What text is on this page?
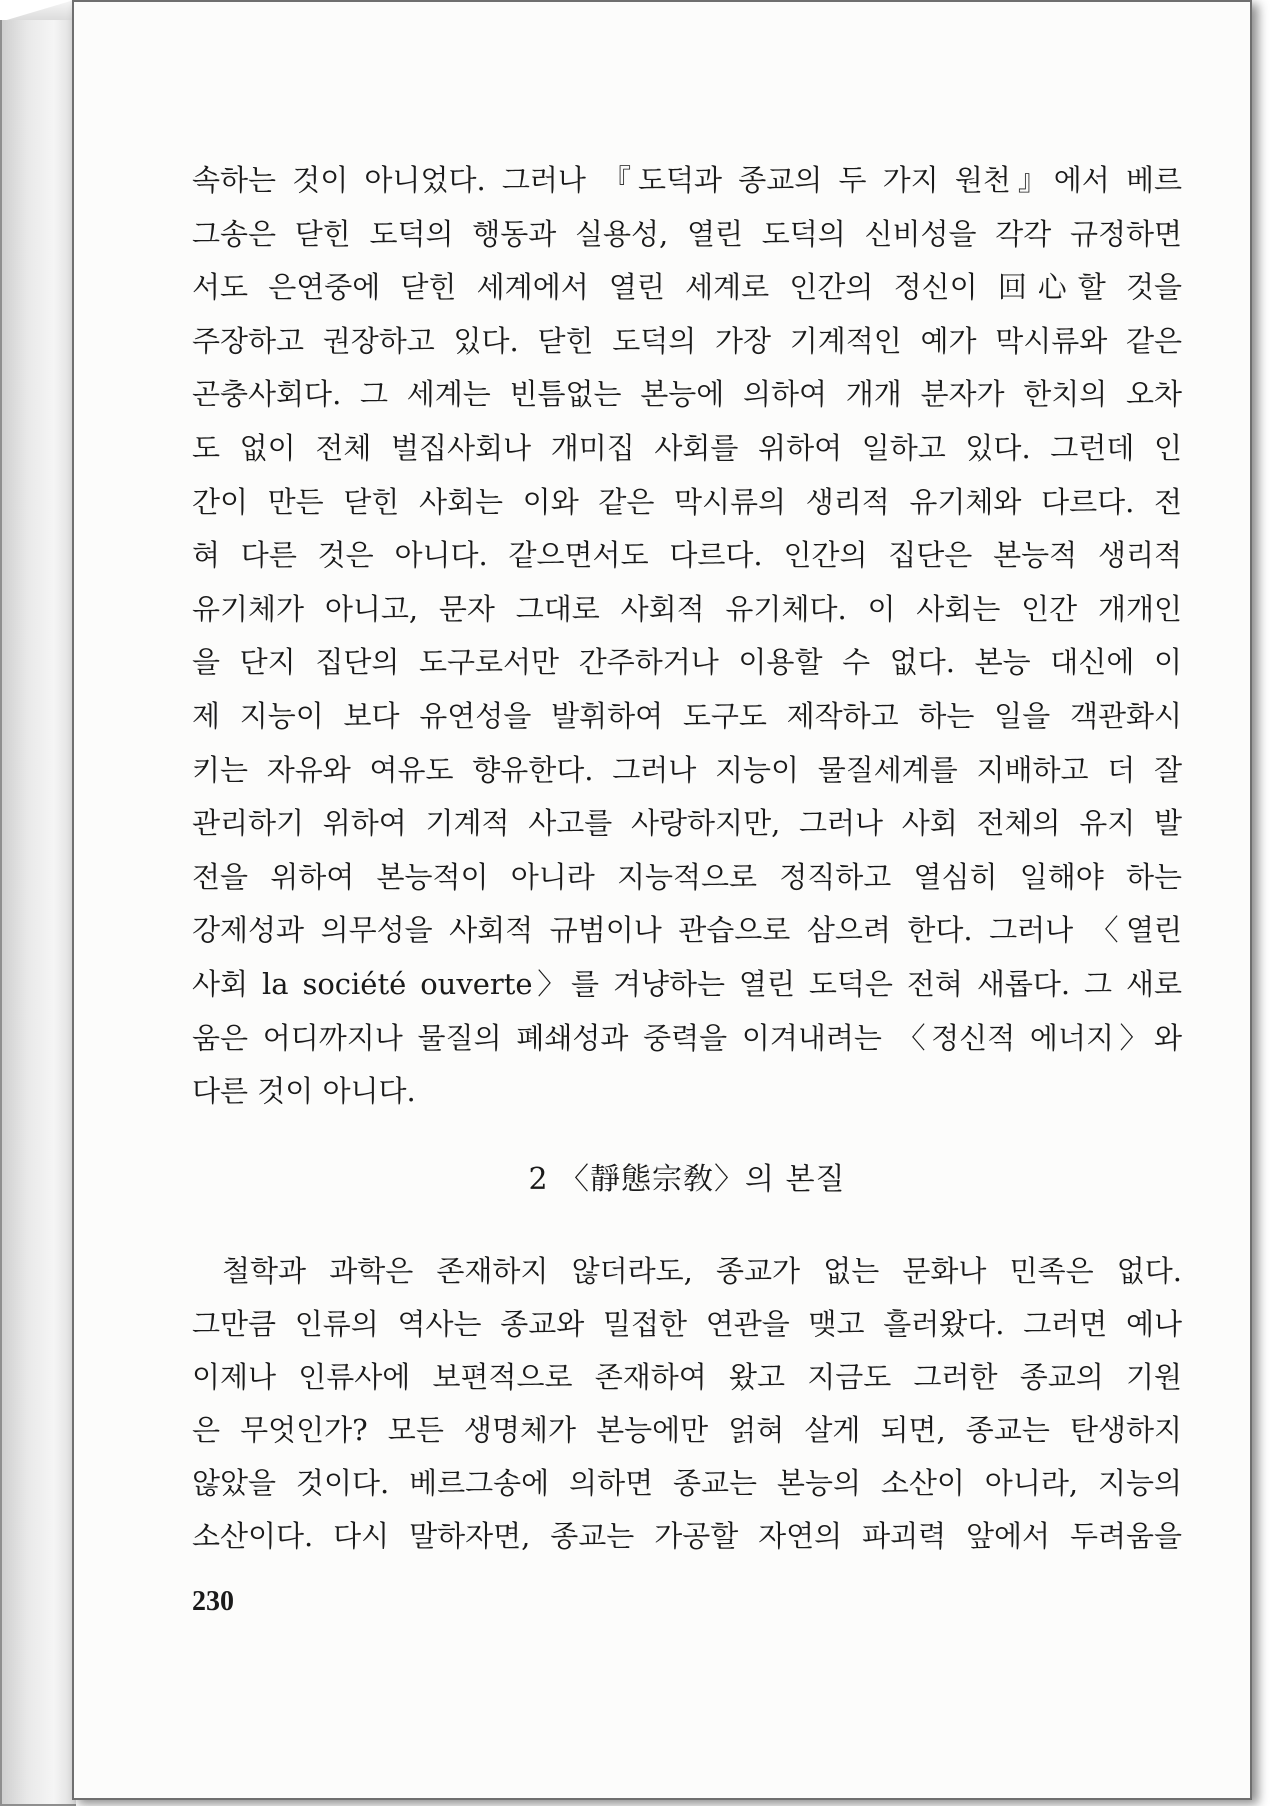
속하는 것이 아니었다. 그러나 『도덕과 종교의 두 가지 원천』에서 베르

그송은 닫힌 도덕의 행동과 실용성, 열린 도덕의 신비성을 각각 규정하면

서도 은연중에 닫힌 세계에서 열린 세계로 인간의 정신이 回心할 것을

주장하고 권장하고 있다. 닫힌 도덕의 가장 기계적인 예가 막시류와 같은

곤충사회다. 그 세계는 빈틈없는 본능에 의하여 개개 분자가 한치의 오차

도 없이 전체 벌집사회나 개미집 사회를 위하여 일하고 있다. 그런데 인

간이 만든 닫힌 사회는 이와 같은 막시류의 생리적 유기체와 다르다. 전

혀 다른 것은 아니다. 같으면서도 다르다. 인간의 집단은 본능적 생리적

유기체가 아니고, 문자 그대로 사회적 유기체다. 이 사회는 인간 개개인

을 단지 집단의 도구로서만 간주하거나 이용할 수 없다. 본능 대신에 이

제 지능이 보다 유연성을 발휘하여 도구도 제작하고 하는 일을 객관화시

키는 자유와 여유도 향유한다. 그러나 지능이 물질세계를 지배하고 더 잘

관리하기 위하여 기계적 사고를 사랑하지만, 그러나 사회 전체의 유지 발

전을 위하여 본능적이 아니라 지능적으로 정직하고 열심히 일해야 하는

강제성과 의무성을 사회적 규범이나 관습으로 삼으려 한다. 그러나 〈열린

사회 la société ouverte〉를 겨냥하는 열린 도덕은 전혀 새롭다. 그 새로

움은 어디까지나 물질의 폐쇄성과 중력을 이겨내려는 〈정신적 에너지〉와

다른 것이 아니다.

2 〈靜態宗敎〉의 본질

철학과 과학은 존재하지 않더라도, 종교가 없는 문화나 민족은 없다.

그만큼 인류의 역사는 종교와 밀접한 연관을 맺고 흘러왔다. 그러면 예나

이제나 인류사에 보편적으로 존재하여 왔고 지금도 그러한 종교의 기원

은 무엇인가? 모든 생명체가 본능에만 얽혀 살게 되면, 종교는 탄생하지

않았을 것이다. 베르그송에 의하면 종교는 본능의 소산이 아니라, 지능의

소산이다. 다시 말하자면, 종교는 가공할 자연의 파괴력 앞에서 두려움을

230
